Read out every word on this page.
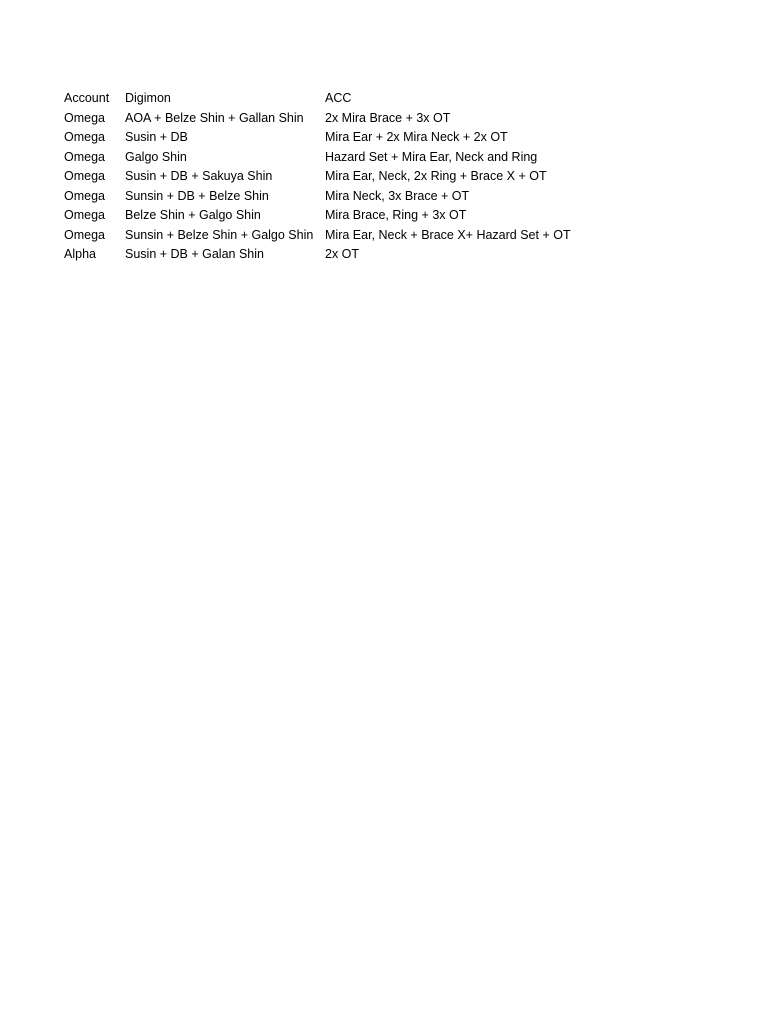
Account	Digimon	ACC
Omega	AOA + Belze Shin + Gallan Shin	2x Mira Brace + 3x OT
Omega	Susin + DB	Mira Ear + 2x Mira Neck + 2x OT
Omega	Galgo Shin	Hazard Set + Mira Ear, Neck and Ring
Omega	Susin + DB + Sakuya Shin	Mira Ear, Neck, 2x Ring + Brace X + OT
Omega	Sunsin + DB + Belze Shin	Mira Neck, 3x Brace + OT
Omega	Belze Shin + Galgo Shin	Mira Brace, Ring + 3x OT
Omega	Sunsin + Belze Shin + Galgo Shin	Mira Ear, Neck + Brace X+ Hazard Set + OT
Alpha	Susin + DB + Galan Shin	2x OT
